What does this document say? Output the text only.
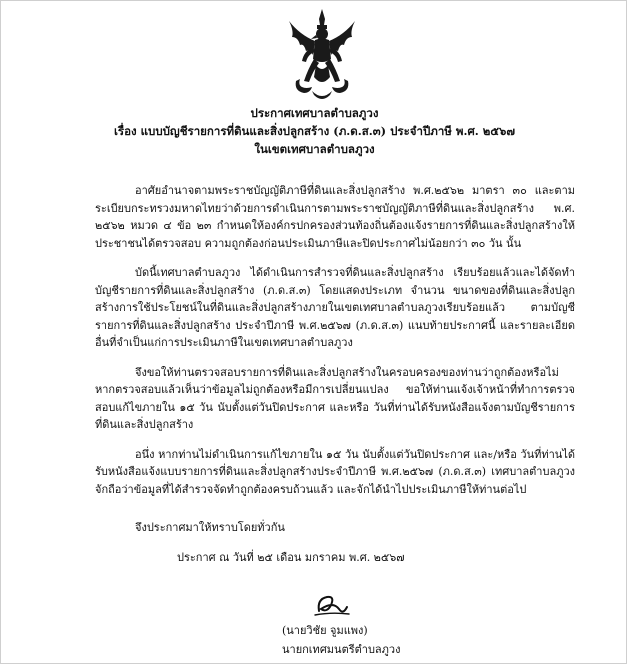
ประกาศเทศบาลตำบลภูวง
เรื่อง แบบบัญชีรายการที่ดินและสิ่งปลูกสร้าง (ภ.ด.ส.๓) ประจำปีภาษี พ.ศ. ๒๕๖๗
ในเขตเทศบาลตำบลภูวง

อาศัยอำนาจตามพระราชบัญญัติภาษีที่ดินและสิ่งปลูกสร้าง พ.ศ.๒๕๖๒ มาตรา ๓๐ และตามระเบียบกระทรวงมหาดไทยว่าด้วยการดำเนินการตามพระราชบัญญัติภาษีที่ดินและสิ่งปลูกสร้าง พ.ศ. ๒๕๖๒ หมวด ๔ ข้อ ๒๓ กำหนดให้องค์กรปกครองส่วนท้องถิ่นต้องแจ้งรายการที่ดินและสิ่งปลูกสร้างให้ประชาชนได้ตรวจสอบ ความถูกต้องก่อนประเมินภาษีและปิดประกาศไม่น้อยกว่า ๓๐ วัน นั้น

บัดนี้เทศบาลตำบลภูวง ได้ดำเนินการสำรวจที่ดินและสิ่งปลูกสร้าง เรียบร้อยแล้วและได้จัดทำบัญชีรายการที่ดินและสิ่งปลูกสร้าง (ภ.ด.ส.๓) โดยแสดงประเภท จำนวน ขนาดของที่ดินและสิ่งปลูกสร้างการใช้ประโยชน์ในที่ดินและสิ่งปลูกสร้างภายในเขตเทศบาลตำบลภูวงเรียบร้อยแล้ว ตามบัญชีรายการที่ดินและสิ่งปลูกสร้าง ประจำปีภาษี พ.ศ.๒๕๖๗ (ภ.ด.ส.๓) แนบท้ายประกาศนี้ และรายละเอียดอื่นที่จำเป็นแก่การประเมินภาษีในเขตเทศบาลตำบลภูวง

จึงขอให้ท่านตรวจสอบรายการที่ดินและสิ่งปลูกสร้างในครอบครองของท่านว่าถูกต้องหรือไม่ หากตรวจสอบแล้วเห็นว่าข้อมูลไม่ถูกต้องหรือมีการเปลี่ยนแปลง ขอให้ท่านแจ้งเจ้าหน้าที่ทำการตรวจสอบแก้ไขภายใน ๑๕ วัน นับตั้งแต่วันปิดประกาศ และหรือ วันที่ท่านได้รับหนังสือแจ้งตามบัญชีรายการที่ดินและสิ่งปลูกสร้าง

อนึ่ง หากท่านไม่ดำเนินการแก้ไขภายใน ๑๕ วัน นับตั้งแต่วันปิดประกาศ และ/หรือ วันที่ท่านได้รับหนังสือแจ้งแบบรายการที่ดินและสิ่งปลูกสร้างประจำปีภาษี พ.ศ.๒๕๖๗ (ภ.ด.ส.๓) เทศบาลตำบลภูวงจักถือว่าข้อมูลที่ได้สำรวจจัดทำถูกต้องครบถ้วนแล้ว และจักได้นำไปประเมินภาษีให้ท่านต่อไป

จึงประกาศมาให้ทราบโดยทั่วกัน
ประกาศ ณ วันที่ ๒๕ เดือน มกราคม พ.ศ. ๒๕๖๗
(นายวิชัย จูมแพง)
นายกเทศมนตรีตำบลภูวง
